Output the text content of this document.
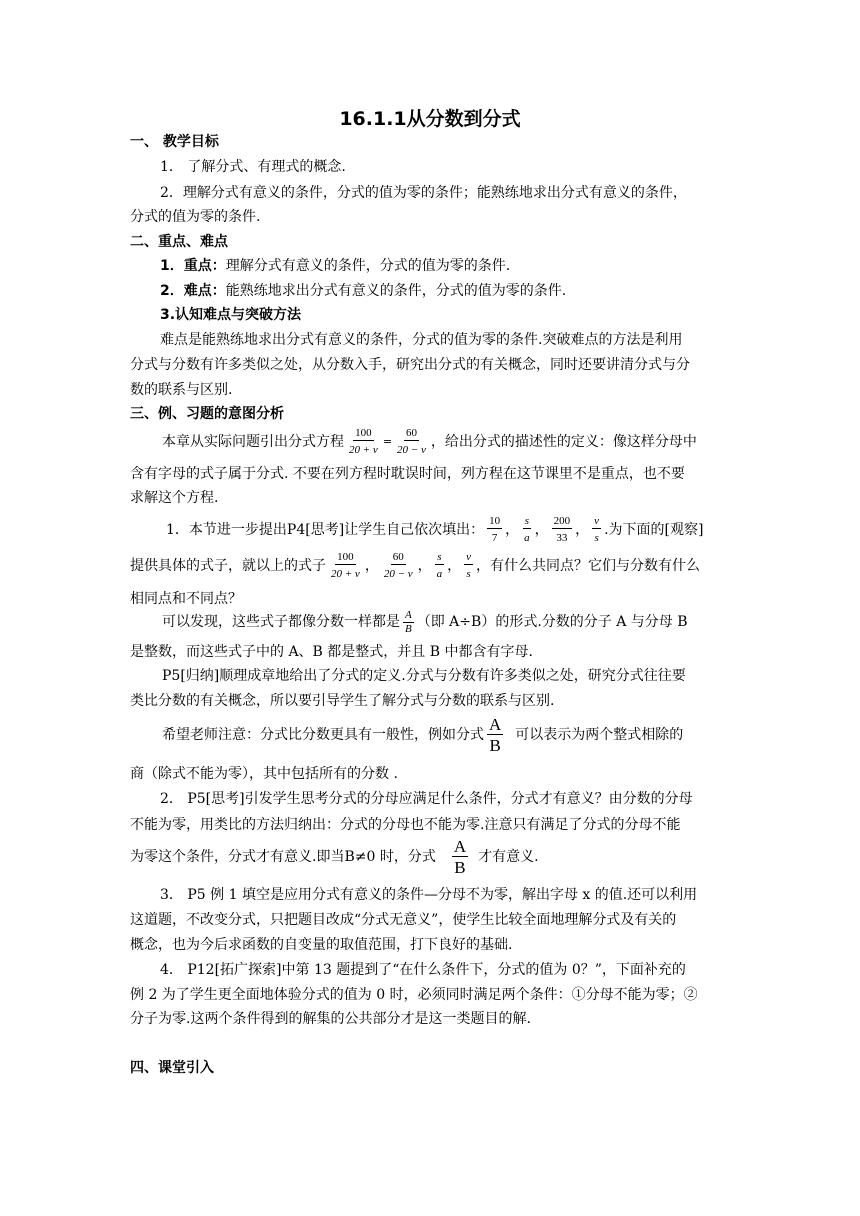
16.1.1从分数到分式
一、 教学目标
1． 了解分式、有理式的概念.
2．理解分式有意义的条件，分式的值为零的条件；能熟练地求出分式有意义的条件，
分式的值为零的条件.
二、重点、难点
1．重点：理解分式有意义的条件，分式的值为零的条件.
2．难点：能熟练地求出分式有意义的条件，分式的值为零的条件.
3.认知难点与突破方法
难点是能熟练地求出分式有意义的条件，分式的值为零的条件.突破难点的方法是利用
分式与分数有许多类似之处，从分数入手，研究出分式的有关概念，同时还要讲清分式与分
数的联系与区别.
三、例、习题的意图分析
本章从实际问题引出分式方程 $\frac{100}{20 + v} = \frac{60}{20 - v}$ ，给出分式的描述性的定义：像这样分母中
含有字母的式子属于分式. 不要在列方程时耽误时间，列方程在这节课里不是重点，也不要
求解这个方程.
1．本节进一步提出P4[思考]让学生自己依次填出： $\frac{10}{7}$ ， $\frac{s}{a}$ ， $\frac{200}{33}$ ， $\frac{v}{s}$ .为下面的[观察]
提供具体的式子，就以上的式子 $\frac{100}{20 + v}$ ， $\frac{60}{20 - v}$ ， $\frac{s}{a}$ ， $\frac{v}{s}$ ，有什么共同点？它们与分数有什么
相同点和不同点？
可以发现，这些式子都像分数一样都是 $\frac{A}{B}$ （即 A÷B）的形式.分数的分子 A 与分母 B
是整数，而这些式子中的 A、B 都是整式，并且 B 中都含有字母.
P5[归纳]顺理成章地给出了分式的定义.分式与分数有许多类似之处，研究分式往往要
类比分数的有关概念，所以要引导学生了解分式与分数的联系与区别.
希望老师注意：分式比分数更具有一般性，例如分式 $\frac{A}{B}$ 可以表示为两个整式相除的
商（除式不能为零），其中包括所有的分数 .
2． P5[思考]引发学生思考分式的分母应满足什么条件，分式才有意义？由分数的分母
不能为零，用类比的方法归纳出：分式的分母也不能为零.注意只有满足了分式的分母不能
为零这个条件，分式才有意义.即当B≠0 时，分式 $\frac{A}{B}$ 才有意义.
3． P5 例 1 填空是应用分式有意义的条件—分母不为零，解出字母 x 的值.还可以利用
这道题，不改变分式，只把题目改成“分式无意义”，使学生比较全面地理解分式及有关的
概念，也为今后求函数的自变量的取值范围，打下良好的基础.
4． P12[拓广探索]中第 13 题提到了“在什么条件下，分式的值为 0？”，下面补充的
例 2 为了学生更全面地体验分式的值为 0 时，必须同时满足两个条件：①分母不能为零；②
分子为零.这两个条件得到的解集的公共部分才是这一类题目的解.
四、课堂引入
